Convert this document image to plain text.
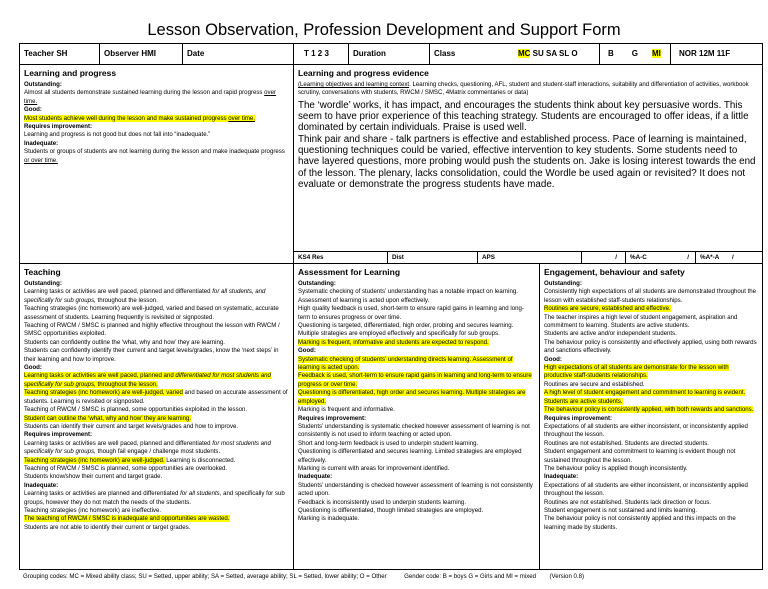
Lesson Observation, Profession Development and Support Form
Teacher SH	Observer HMI	Date	T 1 2 3	Duration	Class	MC SU SA SL O	B G MI	NOR 12M 11F
Learning and progress
Outstanding:
Almost all students demonstrate sustained learning during the lesson and rapid progress over time.
Good:
Most students achieve well during the lesson and make sustained progress over time.
Requires improvement:
Learning and progress is not good but does not fall into “inadequate.”
Inadequate:
Students or groups of students are not learning during the lesson and make inadequate progress or over time.
Learning and progress evidence
(Learning objectives and learning context. Learning checks, questioning, AFL, student and student-staff interactions, suitability and differentiation of activities, workbook scrutiny, conversations with students, RWCM / SMSC, 4Matrix commentaries or data)
The ‘wordle’ works, it has impact, and encourages the students think about key persuasive words. This seem to have prior experience of this teaching strategy. Students are encouraged to offer ideas, if a little dominated by certain individuals. Praise is used well.
Think pair and share - talk partners is effective and established process. Pace of learning is maintained, questioning techniques could be varied, effective intervention to key students. Some students need to have layered questions, more probing would push the students on. Jake is losing interest towards the end of the lesson. The plenary, lacks consolidation, could the Wordle be used again or revisited? It does not evaluate or demonstrate the progress students have made.
KS4 Res	Dist	APS	/	%A-C	/	%A*-A	/
Teaching
Outstanding:
Learning tasks or activities are well paced, planned and differentiated for all students, and specifically for sub groups, throughout the lesson.
Teaching strategies (inc homework) are well-judged, varied and based on systematic, accurate assessment of students. Learning frequently is revisited or signposted.
Teaching of RWCM / SMSC is planned and highly effective throughout the lesson with RWCM / SMSC opportunities exploited.
Students can confidently outline the ‘what, why and how’ they are learning.
Students can confidently identify their current and target levels/grades, know the ‘next steps’ in their learning and how to improve.
Good:
Learning tasks or activities are well paced, planned and differentiated for most students and specifically for sub groups, throughout the lesson.
Teaching strategies (inc homework) are well-judged, varied and based on accurate assessment of students. Learning is revisited or signposted.
Teaching of RWCM / SMSC is planned, some opportunities exploited in the lesson.
Student can outline the ‘what, why and how’ they are learning.
Students can identify their current and target levels/grades and how to improve.
Requires improvement:
Learning tasks or activities are well paced, planned and differentiated for most students and specifically for sub groups, though fail engage / challenge most students.
Teaching strategies (inc homework) are well-judged. Learning is disconnected.
Teaching of RWCM / SMSC is planned, some opportunities are overlooked.
Students know/show their current and target grade.
Inadequate:
Learning tasks or activities are planned and differentiated for all students, and specifically for sub groups, however they do not match the needs of the students.
Teaching strategies (inc homework) are ineffective.
The teaching of RWCM / SMSC is inadequate and opportunities are wasted.
Students are not able to identify their current or target grades.
Assessment for Learning
Outstanding:
Systematic checking of students’ understanding has a notable impact on learning. Assessment of learning is acted upon effectively.
High quality feedback is used, short-term to ensure rapid gains in learning and long-term to ensures progress or over time.
Questioning is targeted, differentiated, high order, probing and secures learning.
Multiple strategies are employed effectively and specifically for sub groups.
Marking is frequent, informative and students are expected to respond.
Good:
Systematic checking of students’ understanding directs learning. Assessment of learning is acted upon.
Feedback is used, short-term to ensure rapid gains in learning and long-term to ensure progress or over time.
Questioning is differentiated, high order and secures learning. Multiple strategies are employed.
Marking is frequent and informative.
Requires improvement:
Students’ understanding is systematic checked however assessment of learning is not consistently is not used to inform teaching or acted upon.
Short and long-term feedback is used to underpin student learning.
Questioning is differentiated and secures learning. Limited strategies are employed effectively.
Marking is current with areas for improvement identified.
Inadequate:
Students’ understanding is checked however assessment of learning is not consistently acted upon.
Feedback is inconsistently used to underpin students learning.
Questioning is differentiated, though limited strategies are employed.
Marking is inadequate.
Engagement, behaviour and safety
Outstanding:
Consistently high expectations of all students are demonstrated throughout the lesson with established staff-students relationships.
Routines are secure, established and effective.
The teacher inspires a high level of student engagement, aspiration and commitment to learning. Students are active students.
Students are active and/or independent students.
The behaviour policy is consistently and effectively applied, using both rewards and sanctions effectively.
Good:
High expectations of all students are demonstrate for the lesson with productive staff-students relationships.
Routines are secure and established.
A high level of student engagement and commitment to learning is evident. Students are active students.
The behaviour policy is consistently applied, with both rewards and sanctions.
Requires improvement:
Expectations of all students are either inconsistent, or inconsistently applied throughout the lesson.
Routines are not established. Students are directed students.
Student engagement and commitment to learning is evident though not sustained throughout the lesson.
The behaviour policy is applied though inconsistently.
Inadequate:
Expectations of all students are either inconsistent, or inconsistently applied throughout the lesson.
Routines are not established. Students lack direction or focus.
Student engagement is not sustained and limits learning.
The behaviour policy is not consistently applied and this impacts on the learning made by students.
Grouping codes: MC = Mixed ability class; SU = Setted, upper ability; SA = Setted, average ability; SL = Setted, lower ability; O = Other	Gender code: B = boys G = Girls and MI = mixed (Version 0.8)
